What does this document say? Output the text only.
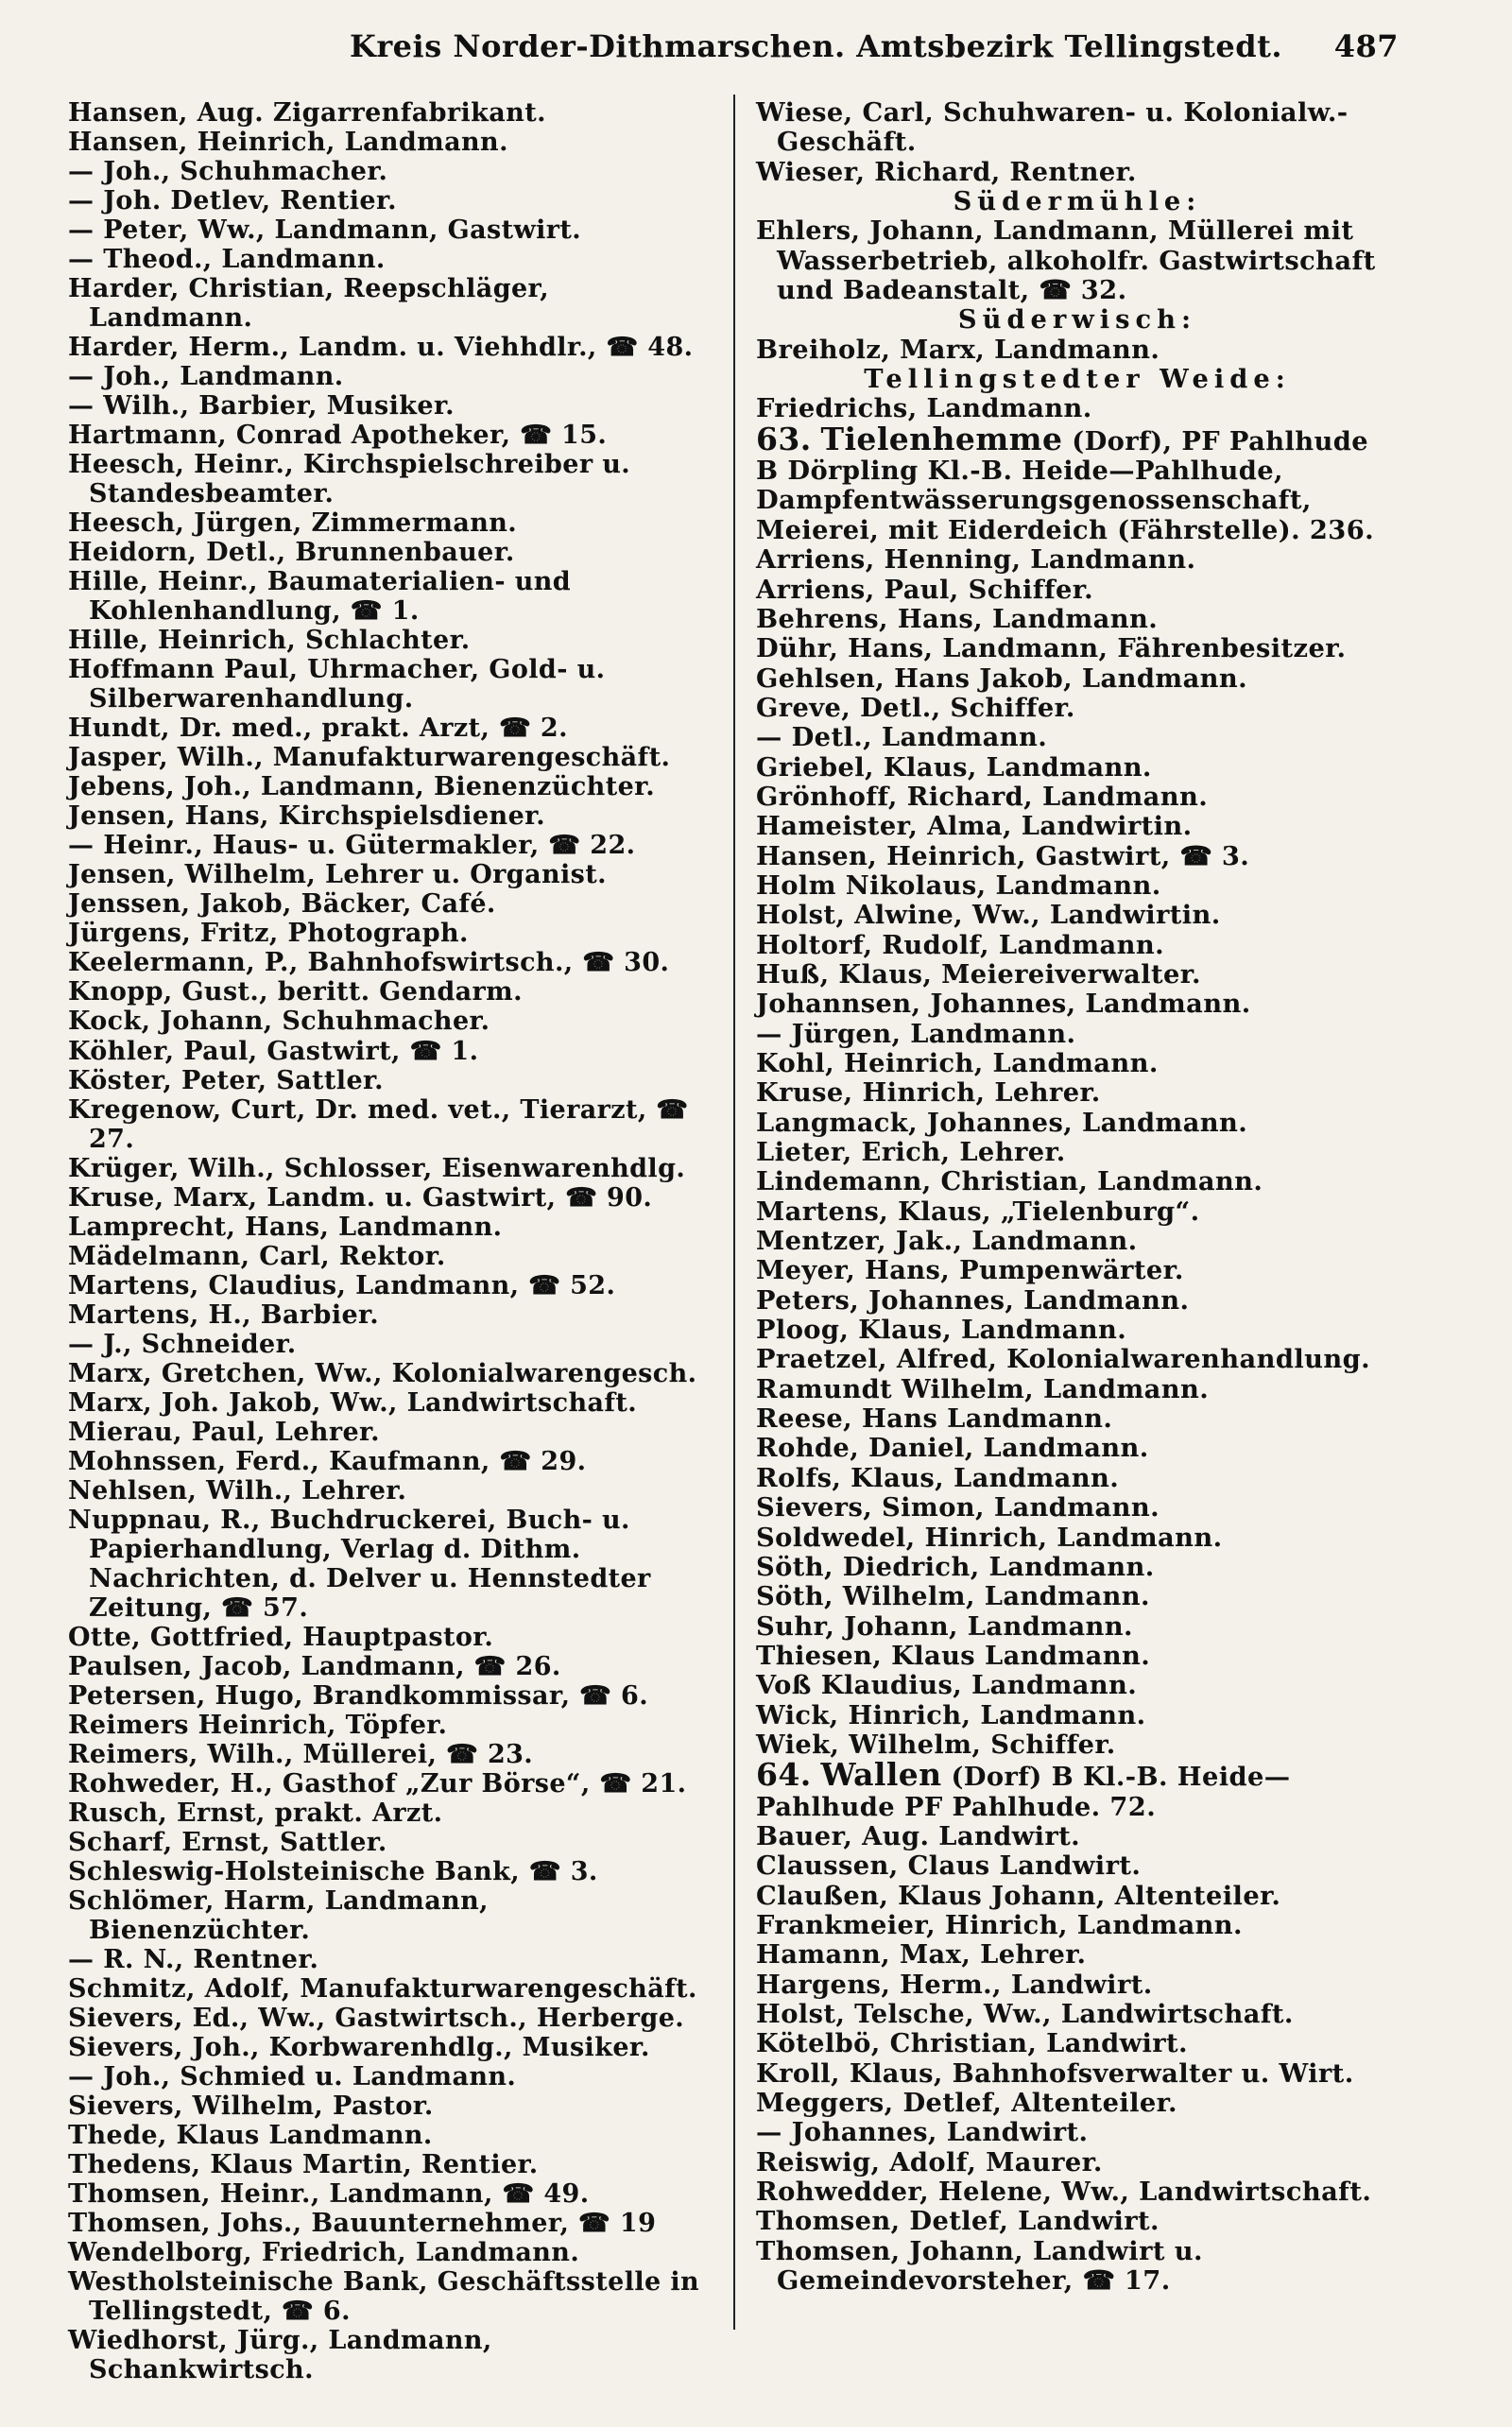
Kreis Norder-Dithmarschen. Amtsbezirk Tellingstedt. 487
Hansen, Aug. Zigarrenfabrikant.
Hansen, Heinrich, Landmann.
— Joh., Schuhmacher.
— Joh. Detlev, Rentier.
— Peter, Ww., Landmann, Gastwirt.
— Theod., Landmann.
Harder, Christian, Reepschläger, Landmann.
Harder, Herm., Landm. u. Viehhdlr., ☎ 48.
— Joh., Landmann.
— Wilh., Barbier, Musiker.
Hartmann, Conrad Apotheker, ☎ 15.
Heesch, Heinr., Kirchspielschreiber u. Standesbeamter.
Heesch, Jürgen, Zimmermann.
Heidorn, Detl., Brunnenbauer.
Hille, Heinr., Baumaterialien- und Kohlenhandlung, ☎ 1.
Hille, Heinrich, Schlachter.
Hoffmann Paul, Uhrmacher, Gold- u. Silberwarenhandlung.
Hundt, Dr. med., prakt. Arzt, ☎ 2.
Jasper, Wilh., Manufakturwarengeschäft.
Jebens, Joh., Landmann, Bienenzüchter.
Jensen, Hans, Kirchspielsdiener.
— Heinr., Haus- u. Gütermakler, ☎ 22.
Jensen, Wilhelm, Lehrer u. Organist.
Jenssen, Jakob, Bäcker, Café.
Jürgens, Fritz, Photograph.
Keelermann, P., Bahnhofswirtsch., ☎ 30.
Knopp, Gust., beritt. Gendarm.
Kock, Johann, Schuhmacher.
Köhler, Paul, Gastwirt, ☎ 1.
Köster, Peter, Sattler.
Kregenow, Curt, Dr. med. vet., Tierarzt, ☎ 27.
Krüger, Wilh., Schlosser, Eisenwarenhdlg.
Kruse, Marx, Landm. u. Gastwirt, ☎ 90.
Lamprecht, Hans, Landmann.
Mädelmann, Carl, Rektor.
Martens, Claudius, Landmann, ☎ 52.
Martens, H., Barbier.
— J., Schneider.
Marx, Gretchen, Ww., Kolonialwarengesch.
Marx, Joh. Jakob, Ww., Landwirtschaft.
Mierau, Paul, Lehrer.
Mohnssen, Ferd., Kaufmann, ☎ 29.
Nehlsen, Wilh., Lehrer.
Nuppnau, R., Buchdruckerei, Buch- u. Papierhandlung, Verlag d. Dithm. Nachrichten, d. Delver u. Hennstedter Zeitung, ☎ 57.
Otte, Gottfried, Hauptpastor.
Paulsen, Jacob, Landmann, ☎ 26.
Petersen, Hugo, Brandkommissar, ☎ 6.
Reimers Heinrich, Töpfer.
Reimers, Wilh., Müllerei, ☎ 23.
Rohweder, H., Gasthof „Zur Börse“, ☎ 21.
Rusch, Ernst, prakt. Arzt.
Scharf, Ernst, Sattler.
Schleswig-Holsteinische Bank, ☎ 3.
Schlömer, Harm, Landmann, Bienenzüchter.
— R. N., Rentner.
Schmitz, Adolf, Manufakturwarengeschäft.
Sievers, Ed., Ww., Gastwirtsch., Herberge.
Sievers, Joh., Korbwarenhdlg., Musiker.
— Joh., Schmied u. Landmann.
Sievers, Wilhelm, Pastor.
Thede, Klaus Landmann.
Thedens, Klaus Martin, Rentier.
Thomsen, Heinr., Landmann, ☎ 49.
Thomsen, Johs., Bauunternehmer, ☎ 19
Wendelborg, Friedrich, Landmann.
Westholsteinische Bank, Geschäftsstelle in Tellingstedt, ☎ 6.
Wiedhorst, Jürg., Landmann, Schankwirtsch.
Wiese, Carl, Schuhwaren- u. Kolonialw.-Geschäft.
Wieser, Richard, Rentner.
Südermühle:
Ehlers, Johann, Landmann, Müllerei mit Wasserbetrieb, alkoholfr. Gastwirtschaft und Badeanstalt, ☎ 32.
Süderwisch:
Breiholz, Marx, Landmann.
Tellingstedter Weide:
Friedrichs, Landmann.
63. Tielenhemme (Dorf), PF Pahlhude B Dörpling Kl.-B. Heide—Pahlhude, Dampfentwässerungsgenossenschaft, Meierei, mit Eiderdeich (Fährstelle). 236.
Arriens, Henning, Landmann.
Arriens, Paul, Schiffer.
Behrens, Hans, Landmann.
Dühr, Hans, Landmann, Fährenbesitzer.
Gehlsen, Hans Jakob, Landmann.
Greve, Detl., Schiffer.
— Detl., Landmann.
Griebel, Klaus, Landmann.
Grönhoff, Richard, Landmann.
Hameister, Alma, Landwirtin.
Hansen, Heinrich, Gastwirt, ☎ 3.
Holm Nikolaus, Landmann.
Holst, Alwine, Ww., Landwirtin.
Holtorf, Rudolf, Landmann.
Huß, Klaus, Meiereiverwalter.
Johannsen, Johannes, Landmann.
— Jürgen, Landmann.
Kohl, Heinrich, Landmann.
Kruse, Hinrich, Lehrer.
Langmack, Johannes, Landmann.
Lieter, Erich, Lehrer.
Lindemann, Christian, Landmann.
Martens, Klaus, „Tielenburg“.
Mentzer, Jak., Landmann.
Meyer, Hans, Pumpenwärter.
Peters, Johannes, Landmann.
Ploog, Klaus, Landmann.
Praetzel, Alfred, Kolonialwarenhandlung.
Ramundt Wilhelm, Landmann.
Reese, Hans Landmann.
Rohde, Daniel, Landmann.
Rolfs, Klaus, Landmann.
Sievers, Simon, Landmann.
Soldwedel, Hinrich, Landmann.
Söth, Diedrich, Landmann.
Söth, Wilhelm, Landmann.
Suhr, Johann, Landmann.
Thiesen, Klaus Landmann.
Voß Klaudius, Landmann.
Wick, Hinrich, Landmann.
Wiek, Wilhelm, Schiffer.
64. Wallen (Dorf) B Kl.-B. Heide—Pahlhude PF Pahlhude. 72.
Bauer, Aug. Landwirt.
Claussen, Claus Landwirt.
Claußen, Klaus Johann, Altenteiler.
Frankmeier, Hinrich, Landmann.
Hamann, Max, Lehrer.
Hargens, Herm., Landwirt.
Holst, Telsche, Ww., Landwirtschaft.
Kötelbö, Christian, Landwirt.
Kroll, Klaus, Bahnhofsverwalter u. Wirt.
Meggers, Detlef, Altenteiler.
— Johannes, Landwirt.
Reiswig, Adolf, Maurer.
Rohwedder, Helene, Ww., Landwirtschaft.
Thomsen, Detlef, Landwirt.
Thomsen, Johann, Landwirt u. Gemeindevorsteher, ☎ 17.
